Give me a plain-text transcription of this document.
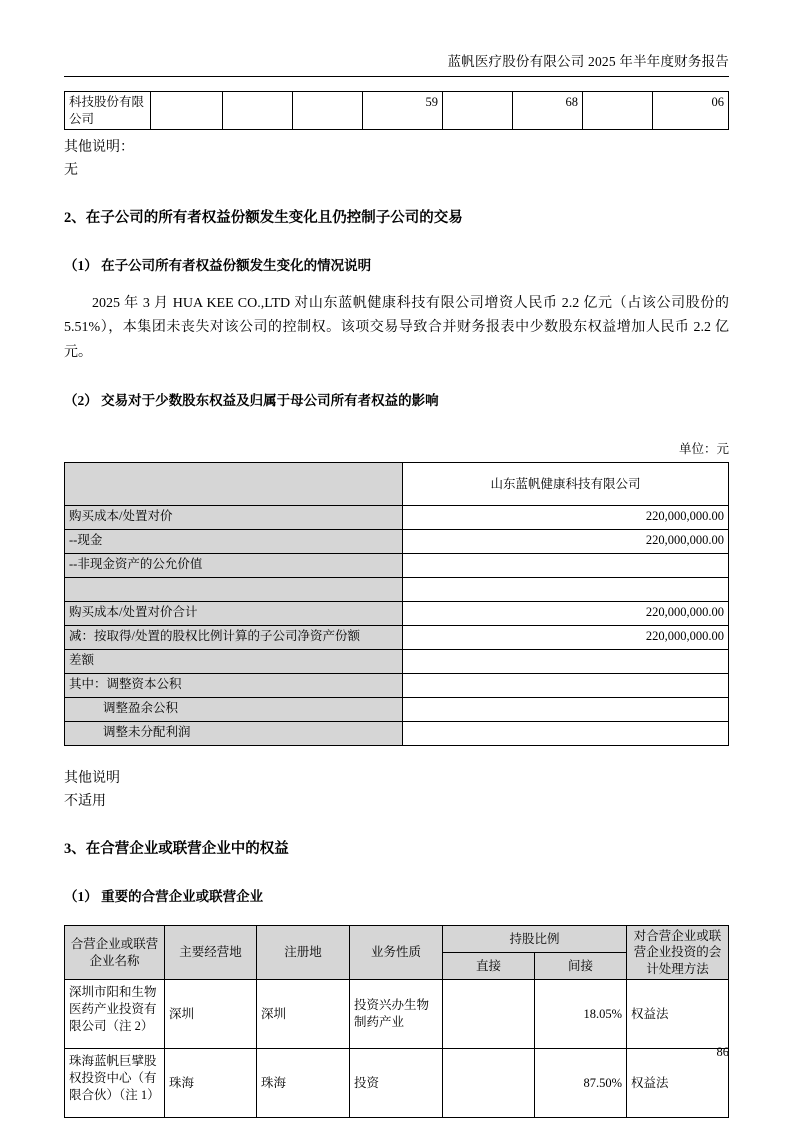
蓝帆医疗股份有限公司 2025 年半年度财务报告
科技股份有限公司				59		68		06

其他说明：

无

2、在子公司的所有者权益份额发生变化且仍控制子公司的交易
（1） 在子公司所有者权益份额发生变化的情况说明

2025 年 3 月 HUA KEE CO.,LTD 对山东蓝帆健康科技有限公司增资人民币 2.2 亿元（占该公司股份的 5.51%），本集团未丧失对该公司的控制权。该项交易导致合并财务报表中少数股东权益增加人民币 2.2 亿元。

（2） 交易对于少数股东权益及归属于母公司所有者权益的影响
单位：元
	山东蓝帆健康科技有限公司
购买成本/处置对价	220,000,000.00
--现金	220,000,000.00
--非现金资产的公允价值	

购买成本/处置对价合计	220,000,000.00
减：按取得/处置的股权比例计算的子公司净资产份额	220,000,000.00
差额	
其中：调整资本公积	
调整盈余公积	
调整未分配利润	

其他说明

不适用

3、在合营企业或联营企业中的权益
（1） 重要的合营企业或联营企业
合营企业或联营企业名称	主要经营地	注册地	业务性质	持股比例		对合营企业或联营企业投资的会计处理方法
				直接	间接	
深圳市阳和生物医药产业投资有限公司（注 2）	深圳	深圳	投资兴办生物制药产业		18.05%	权益法
珠海蓝帆巨擘股权投资中心（有限合伙）（注 1）	珠海	珠海	投资		87.50%	权益法
86
